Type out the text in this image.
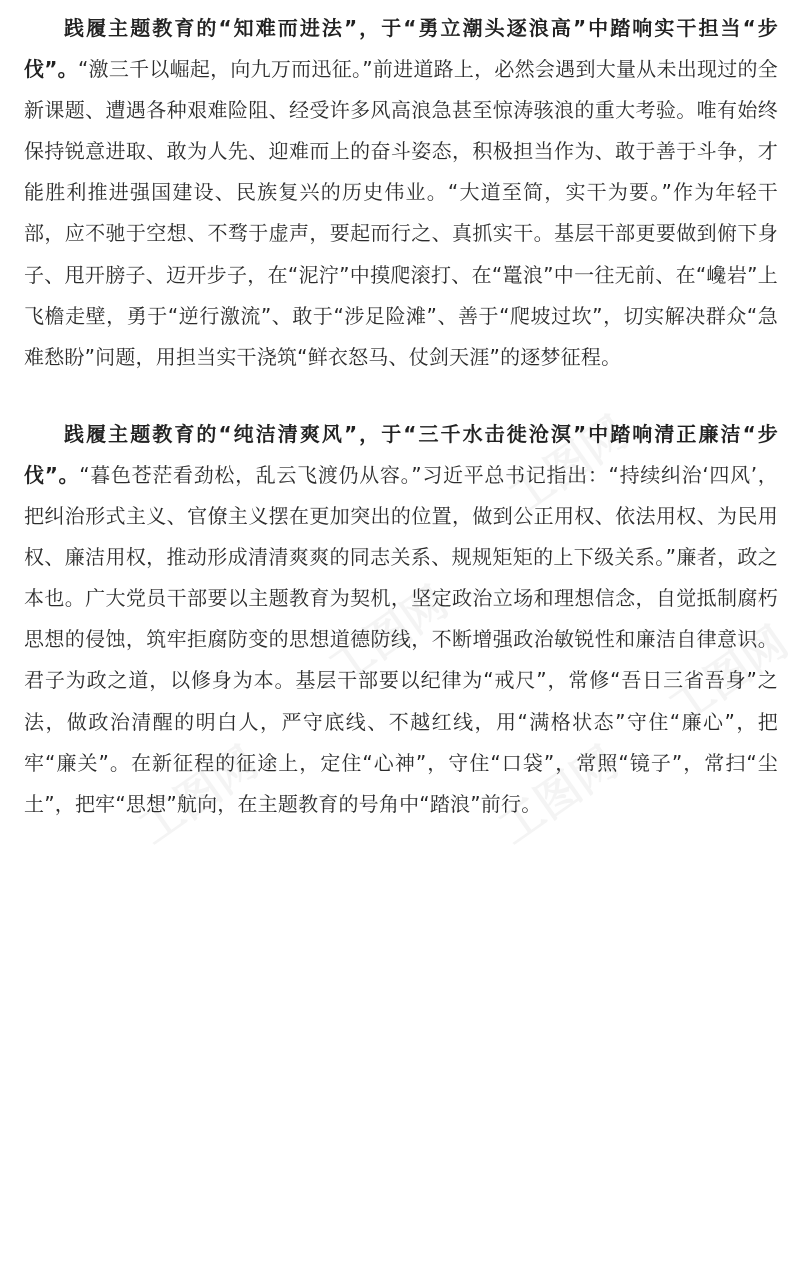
工图网
工图网	工图网
工图网	工图网

践履主题教育的“知难而进法”，于“勇立潮头逐浪高”中踏响实干担当“步伐”。“激三千以崛起，向九万而迅征。”前进道路上，必然会遇到大量从未出现过的全新课题、遭遇各种艰难险阻、经受许多风高浪急甚至惊涛骇浪的重大考验。唯有始终保持锐意进取、敢为人先、迎难而上的奋斗姿态，积极担当作为、敢于善于斗争，才能胜利推进强国建设、民族复兴的历史伟业。“大道至简，实干为要。”作为年轻干部，应不驰于空想、不骛于虚声，要起而行之、真抓实干。基层干部更要做到俯下身子、甩开膀子、迈开步子，在“泥泞”中摸爬滚打、在“鼍浪”中一往无前、在“巉岩”上飞檐走壁，勇于“逆行激流”、敢于“涉足险滩”、善于“爬坡过坎”，切实解决群众“急难愁盼”问题，用担当实干浇筑“鲜衣怒马、仗剑天涯”的逐梦征程。

践履主题教育的“纯洁清爽风”，于“三千水击徙沧溟”中踏响清正廉洁“步伐”。“暮色苍茫看劲松，乱云飞渡仍从容。”习近平总书记指出：“持续纠治‘四风’，把纠治形式主义、官僚主义摆在更加突出的位置，做到公正用权、依法用权、为民用权、廉洁用权，推动形成清清爽爽的同志关系、规规矩矩的上下级关系。”廉者，政之本也。广大党员干部要以主题教育为契机，坚定政治立场和理想信念，自觉抵制腐朽思想的侵蚀，筑牢拒腐防变的思想道德防线，不断增强政治敏锐性和廉洁自律意识。君子为政之道，以修身为本。基层干部要以纪律为“戒尺”，常修“吾日三省吾身”之法，做政治清醒的明白人，严守底线、不越红线，用“满格状态”守住“廉心”，把牢“廉关”。在新征程的征途上，定住“心神”，守住“口袋”，常照“镜子”，常扫“尘土”，把牢“思想”航向，在主题教育的号角中“踏浪”前行。
